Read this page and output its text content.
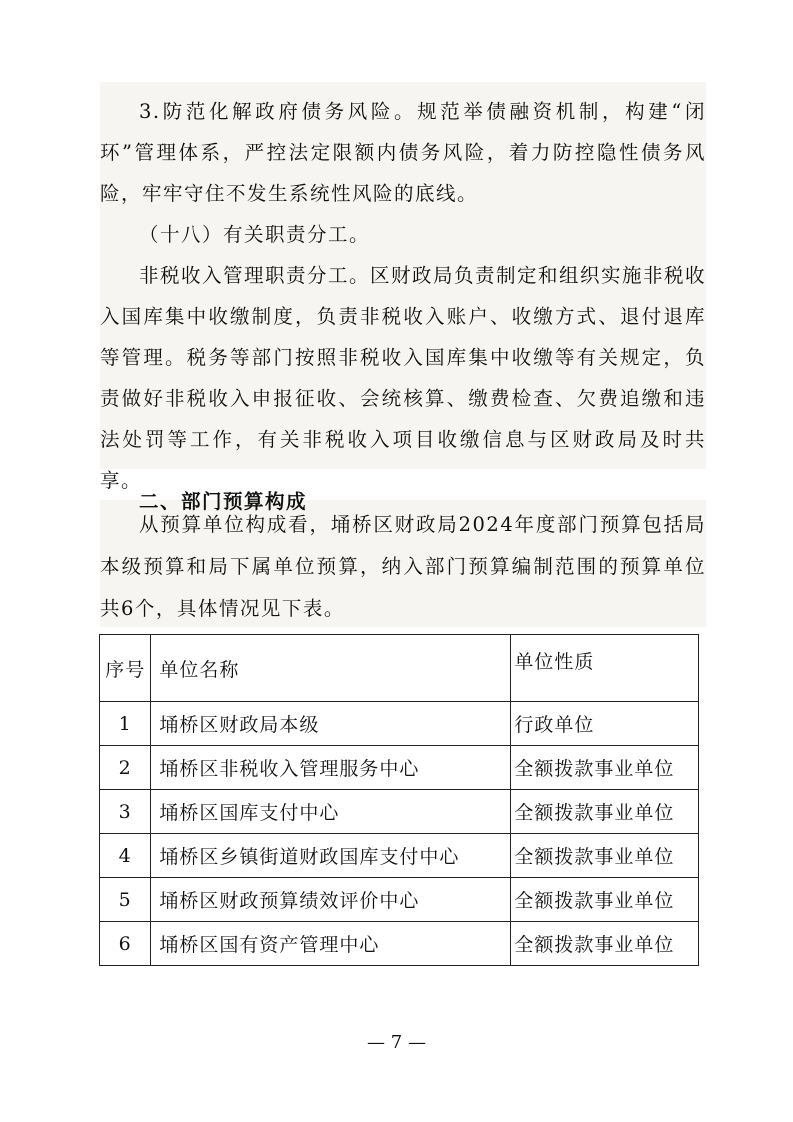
3.防范化解政府债务风险。规范举债融资机制，构建“闭环”管理体系，严控法定限额内债务风险，着力防控隐性债务风险，牢牢守住不发生系统性风险的底线。

（十八）有关职责分工。

非税收入管理职责分工。区财政局负责制定和组织实施非税收入国库集中收缴制度，负责非税收入账户、收缴方式、退付退库等管理。税务等部门按照非税收入国库集中收缴等有关规定，负责做好非税收入申报征收、会统核算、缴费检查、欠费追缴和违法处罚等工作，有关非税收入项目收缴信息与区财政局及时共享。

二、部门预算构成

从预算单位构成看，埇桥区财政局2024年度部门预算包括局本级预算和局下属单位预算，纳入部门预算编制范围的预算单位共6个，具体情况见下表。

序号	单位名称	单位性质
1	埇桥区财政局本级	行政单位
2	埇桥区非税收入管理服务中心	全额拨款事业单位
3	埇桥区国库支付中心	全额拨款事业单位
4	埇桥区乡镇街道财政国库支付中心	全额拨款事业单位
5	埇桥区财政预算绩效评价中心	全额拨款事业单位
6	埇桥区国有资产管理中心	全额拨款事业单位
— 7 —
